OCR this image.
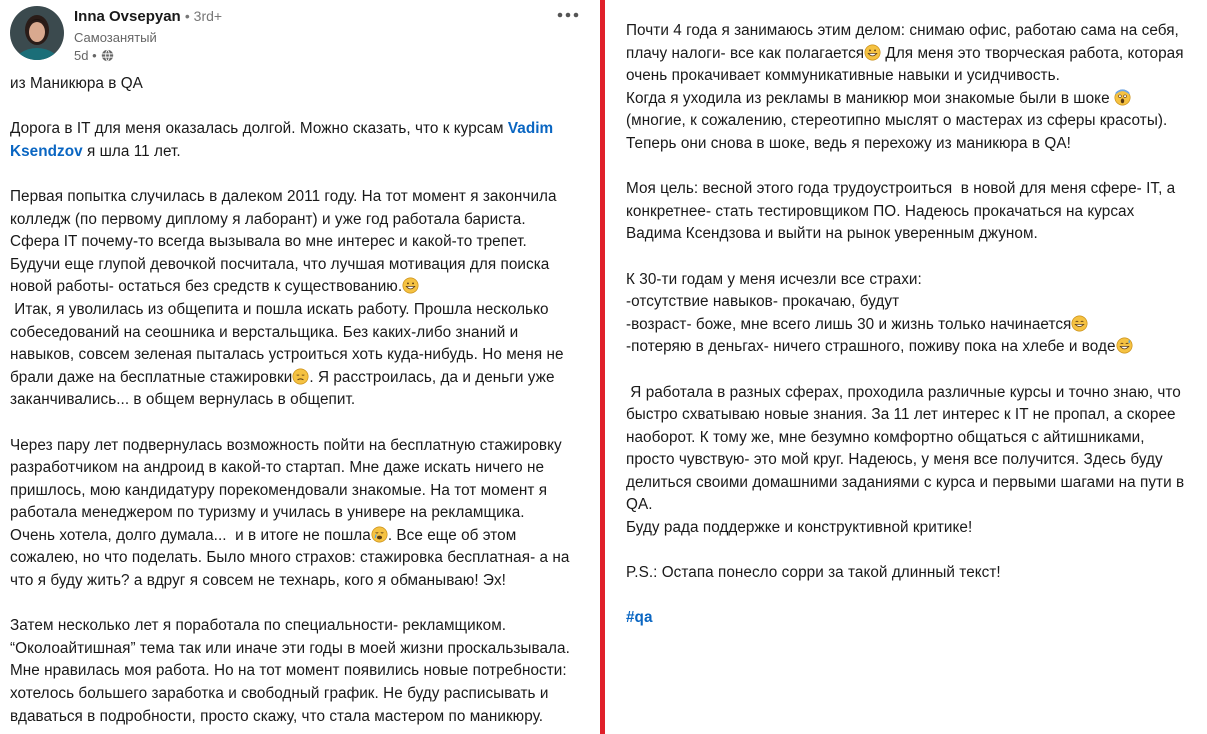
Inna Ovsepyan • 3rd+
Самозанятый
5d •
из Маникюра в QA

Дорога в IT для меня оказалась долгой. Можно сказать, что к курсам Vadim
Ksendzov я шла 11 лет.

Первая попытка случилась в далеком 2011 году. На тот момент я закончила
колледж (по первому диплому я лаборант) и уже год работала бариста.
Сфера IT почему-то всегда вызывала во мне интерес и какой-то трепет.
Будучи еще глупой девочкой посчитала, что лучшая мотивация для поиска
новой работы- остаться без средств к существованию.
Итак, я уволилась из общепита и пошла искать работу. Прошла несколько
собеседований на сеошника и верстальщика. Без каких-либо знаний и
навыков, совсем зеленая пыталась устроиться хоть куда-нибудь. Но меня не
брали даже на бесплатные стажировки . Я расстроилась, да и деньги уже
заканчивались... в общем вернулась в общепит.

Через пару лет подвернулась возможность пойти на бесплатную стажировку
разработчиком на андроид в какой-то стартап. Мне даже искать ничего не
пришлось, мою кандидатуру порекомендовали знакомые. На тот момент я
работала менеджером по туризму и училась в универе на рекламщика.
Очень хотела, долго думала...  и в итоге не пошла . Все еще об этом
сожалею, но что поделать. Было много страхов: стажировка бесплатная- а на
что я буду жить? а вдруг я совсем не технарь, кого я обманываю! Эх!

Затем несколько лет я поработала по специальности- рекламщиком.
“Околоайтишная” тема так или иначе эти годы в моей жизни проскальзывала.
Мне нравилась моя работа. Но на тот момент появились новые потребности:
хотелось большего заработка и свободный график. Не буду расписывать и
вдаваться в подробности, просто скажу, что стала мастером по маникюру.
Почти 4 года я занимаюсь этим делом: снимаю офис, работаю сама на себя,
плачу налоги- все как полагается Для меня это творческая работа, которая
очень прокачивает коммуникативные навыки и усидчивость.
Когда я уходила из рекламы в маникюр мои знакомые были в шоке
(многие, к сожалению, стереотипно мыслят о мастерах из сферы красоты).
Теперь они снова в шоке, ведь я перехожу из маникюра в QA!

Моя цель: весной этого года трудоустроиться  в новой для меня сфере- IT, а
конкретнее- стать тестировщиком ПО. Надеюсь прокачаться на курсах
Вадима Ксендзова и выйти на рынок уверенным джуном.

К 30-ти годам у меня исчезли все страхи:
-отсутствие навыков- прокачаю, будут
-возраст- боже, мне всего лишь 30 и жизнь только начинается
-потеряю в деньгах- ничего страшного, поживу пока на хлебе и воде

Я работала в разных сферах, проходила различные курсы и точно знаю, что
быстро схватываю новые знания. За 11 лет интерес к IT не пропал, а скорее
наоборот. К тому же, мне безумно комфортно общаться с айтишниками,
просто чувствую- это мой круг. Надеюсь, у меня все получится. Здесь буду
делиться своими домашними заданиями с курса и первыми шагами на пути в
QA.
Буду рада поддержке и конструктивной критике!

P.S.: Остапа понесло сорри за такой длинный текст!

#qa
